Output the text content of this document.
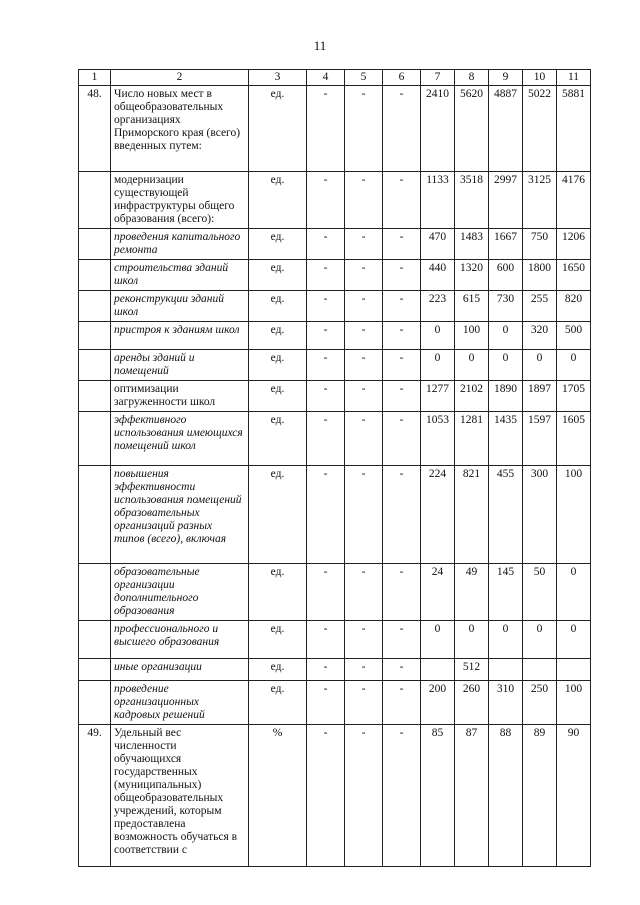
11
1	2	3	4	5	6	7	8	9	10	11
48.	Число новых мест в общеобразовательных организациях Приморского края (всего) введенных путем:	ед.	-	-	-	2410	5620	4887	5022	5881
	модернизации существующей инфраструктуры общего образования (всего):	ед.	-	-	-	1133	3518	2997	3125	4176
	проведения капитального ремонта	ед.	-	-	-	470	1483	1667	750	1206
	строительства зданий школ	ед.	-	-	-	440	1320	600	1800	1650
	реконструкции зданий школ	ед.	-	-	-	223	615	730	255	820
	пристроя к зданиям школ	ед.	-	-	-	0	100	0	320	500
	аренды зданий и помещений	ед.	-	-	-	0	0	0	0	0
	оптимизации загруженности школ	ед.	-	-	-	1277	2102	1890	1897	1705
	эффективного использования имеющихся помещений школ	ед.	-	-	-	1053	1281	1435	1597	1605
	повышения эффективности использования помещений образовательных организаций разных типов (всего), включая	ед.	-	-	-	224	821	455	300	100
	образовательные организации дополнительного образования	ед.	-	-	-	24	49	145	50	0
	профессионального и высшего образования	ед.	-	-	-	0	0	0	0	0
	иные организации	ед.	-	-	-		512			
	проведение организационных кадровых решений	ед.	-	-	-	200	260	310	250	100
49.	Удельный вес численности обучающихся государственных (муниципальных) общеобразовательных учреждений, которым предоставлена возможность обучаться в соответствии с	%	-	-	-	85	87	88	89	90
